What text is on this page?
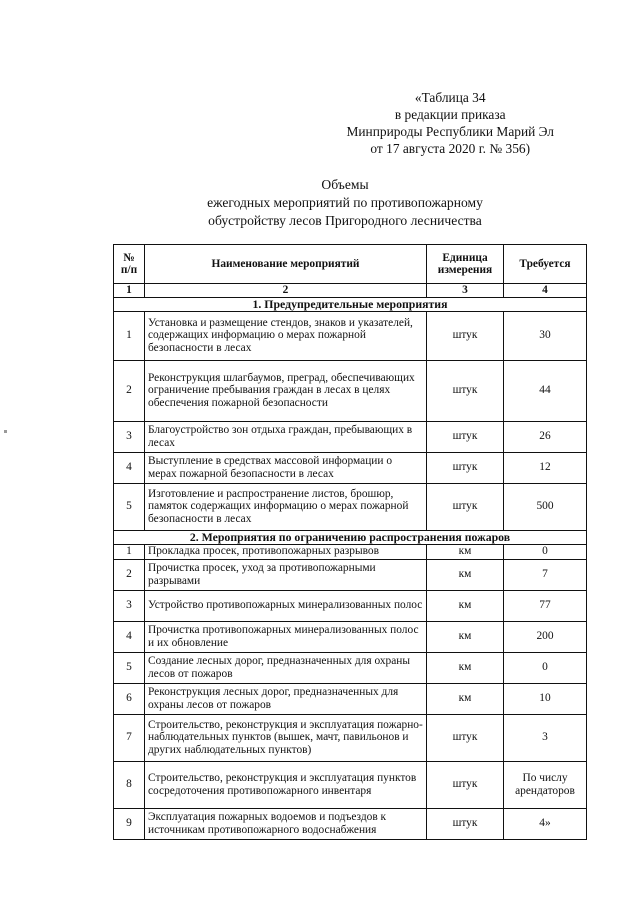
«Таблица 34
в редакции приказа
Минприроды Республики Марий Эл
от 17 августа 2020 г. № 356)
Объемы
ежегодных мероприятий по противопожарному
обустройству лесов Пригородного лесничества
№ п/п	Наименование мероприятий	Единица измерения	Требуется
1	2	3	4
1. Предупредительные мероприятия			
1	Установка и размещение стендов, знаков и указателей, содержащих информацию о мерах пожарной безопасности в лесах	штук	30
2	Реконструкция шлагбаумов, преград, обеспечивающих ограничение пребывания граждан в лесах в целях обеспечения пожарной безопасности	штук	44
3	Благоустройство зон отдыха граждан, пребывающих в лесах	штук	26
4	Выступление в средствах массовой информации о мерах пожарной безопасности в лесах	штук	12
5	Изготовление и распространение листов, брошюр, памяток содержащих информацию о мерах пожарной безопасности в лесах	штук	500
2. Мероприятия по ограничению распространения пожаров			
1	Прокладка просек, противопожарных разрывов	км	0
2	Прочистка просек, уход за противопожарными разрывами	км	7
3	Устройство противопожарных минерализованных полос	км	77
4	Прочистка противопожарных минерализованных полос и их обновление	км	200
5	Создание лесных дорог, предназначенных для охраны лесов от пожаров	км	0
6	Реконструкция лесных дорог, предназначенных для охраны лесов от пожаров	км	10
7	Строительство, реконструкция и эксплуатация пожарно-наблюдательных пунктов (вышек, мачт, павильонов и других наблюдательных пунктов)	штук	3
8	Строительство, реконструкция и эксплуатация пунктов сосредоточения противопожарного инвентаря	штук	По числу арендаторов
9	Эксплуатация пожарных водоемов и подъездов к источникам противопожарного водоснабжения	штук	4»
